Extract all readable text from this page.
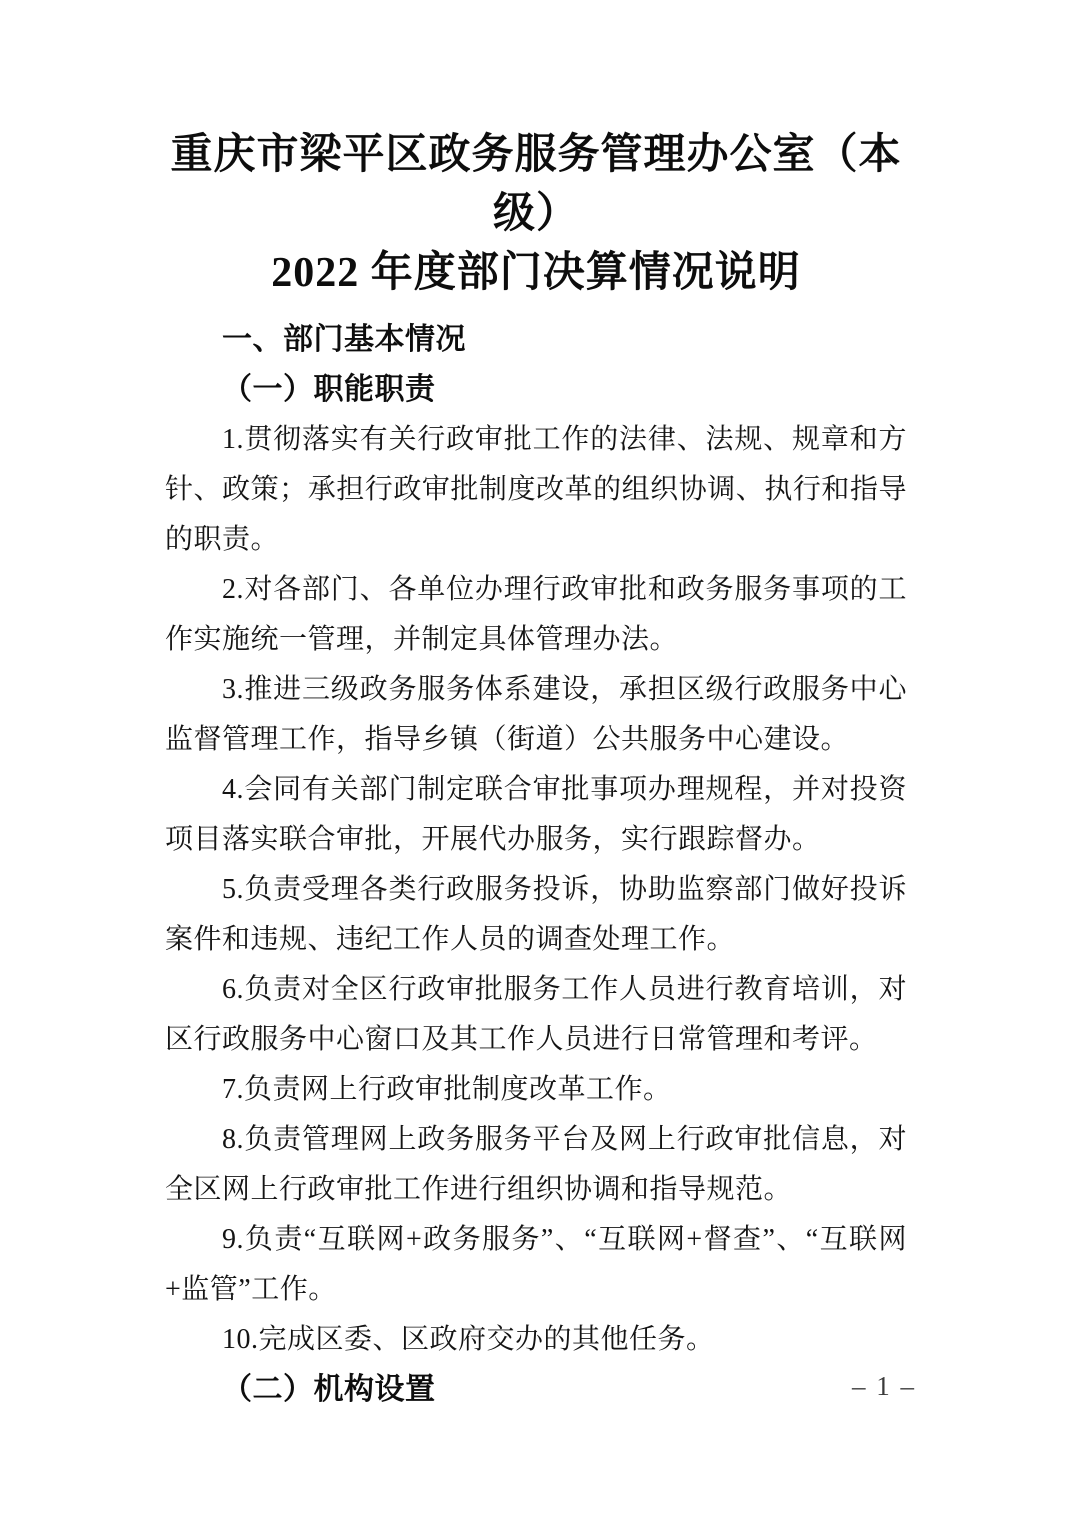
重庆市梁平区政务服务管理办公室（本级）
2022 年度部门决算情况说明
一、部门基本情况
（一）职能职责
1.贯彻落实有关行政审批工作的法律、法规、规章和方针、政策；承担行政审批制度改革的组织协调、执行和指导的职责。
2.对各部门、各单位办理行政审批和政务服务事项的工作实施统一管理，并制定具体管理办法。
3.推进三级政务服务体系建设，承担区级行政服务中心监督管理工作，指导乡镇（街道）公共服务中心建设。
4.会同有关部门制定联合审批事项办理规程，并对投资项目落实联合审批，开展代办服务，实行跟踪督办。
5.负责受理各类行政服务投诉，协助监察部门做好投诉案件和违规、违纪工作人员的调查处理工作。
6.负责对全区行政审批服务工作人员进行教育培训，对区行政服务中心窗口及其工作人员进行日常管理和考评。
7.负责网上行政审批制度改革工作。
8.负责管理网上政务服务平台及网上行政审批信息，对全区网上行政审批工作进行组织协调和指导规范。
9.负责“互联网+政务服务”、“互联网+督查”、“互联网+监管”工作。
10.完成区委、区政府交办的其他任务。
（二）机构设置	– 1 –
